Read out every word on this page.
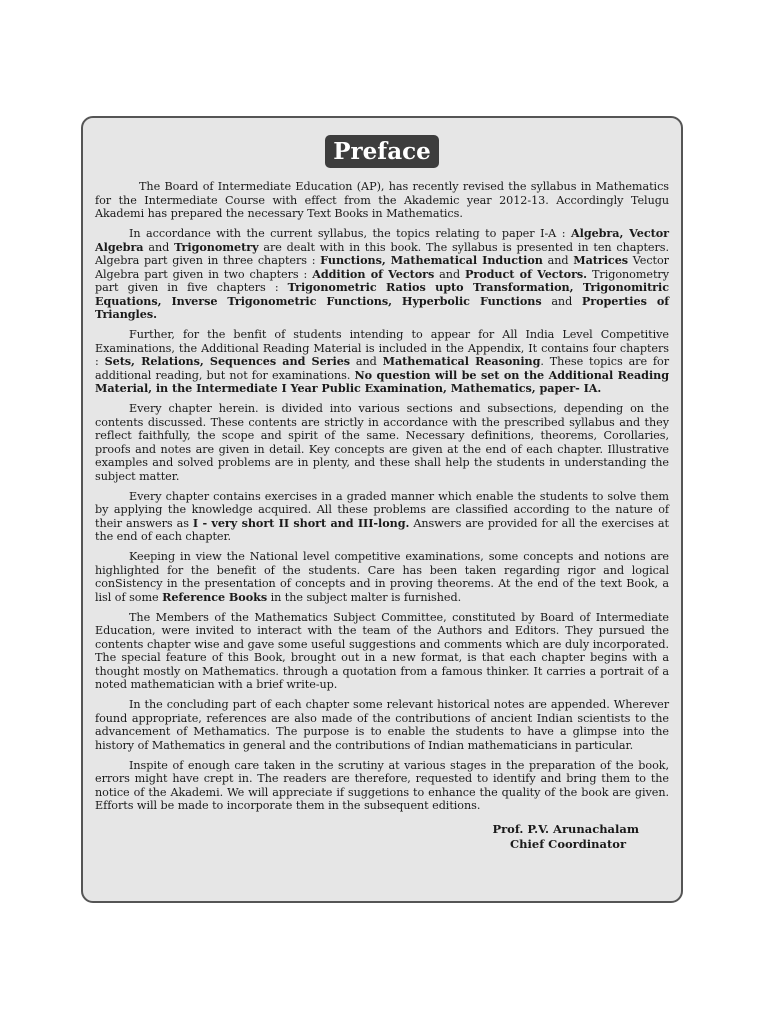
Preface

The Board of Intermediate Education (AP), has recently revised the syllabus in Mathematics for the Intermediate Course with effect from the Akademic year 2012-13. Accordingly Telugu Akademi has prepared the necessary Text Books in Mathematics.

In accordance with the current syllabus, the topics relating to paper I-A : Algebra, Vector Algebra and Trigonometry are dealt with in this book. The syllabus is presented in ten chapters. Algebra part given in three chapters : Functions, Mathematical Induction and Matrices Vector Algebra part given in two chapters : Addition of Vectors and Product of Vectors. Trigonometry part given in five chapters : Trigonometric Ratios upto Transformation, Trigonomitric Equations, Inverse Trigonometric Functions, Hyperbolic Functions and Properties of Triangles.

Further, for the benfit of students intending to appear for All India Level Competitive Examinations, the Additional Reading Material is included in the Appendix, It contains four chapters : Sets, Relations, Sequences and Series and Mathematical Reasoning. These topics are for additional reading, but not for examinations. No question will be set on the Additional Reading Material, in the Intermediate I Year Public Examination, Mathematics, paper- IA.

Every chapter herein. is divided into various sections and subsections, depending on the contents discussed. These contents are strictly in accordance with the prescribed syllabus and they reflect faithfully, the scope and spirit of the same. Necessary definitions, theorems, Corollaries, proofs and notes are given in detail. Key concepts are given at the end of each chapter. Illustrative examples and solved problems are in plenty, and these shall help the students in understanding the subject matter.

Every chapter contains exercises in a graded manner which enable the students to solve them by applying the knowledge acquired. All these problems are classified according to the nature of their answers as I - very short II short and III-long. Answers are provided for all the exercises at the end of each chapter.

Keeping in view the National level competitive examinations, some concepts and notions are highlighted for the benefit of the students. Care has been taken regarding rigor and logical conSistency in the presentation of concepts and in proving theorems. At the end of the text Book, a lisl of some Reference Books in the subject malter is furnished.

The Members of the Mathematics Subject Committee, constituted by Board of Intermediate Education, were invited to interact with the team of the Authors and Editors. They pursued the contents chapter wise and gave some useful suggestions and comments which are duly incorporated. The special feature of this Book, brought out in a new format, is that each chapter begins with a thought mostly on Mathematics. through a quotation from a famous thinker. It carries a portrait of a noted mathematician with a brief write-up.

In the concluding part of each chapter some relevant historical notes are appended. Wherever found appropriate, references are also made of the contributions of ancient Indian scientists to the advancement of Methamatics. The purpose is to enable the students to have a glimpse into the history of Mathematics in general and the contributions of Indian mathematicians in particular.

Inspite of enough care taken in the scrutiny at various stages in the preparation of the book, errors might have crept in. The readers are therefore, requested to identify and bring them to the notice of the Akademi. We will appreciate if suggetions to enhance the quality of the book are given. Efforts will be made to incorporate them in the subsequent editions.

Prof. P.V. Arunachalam
Chief Coordinator
